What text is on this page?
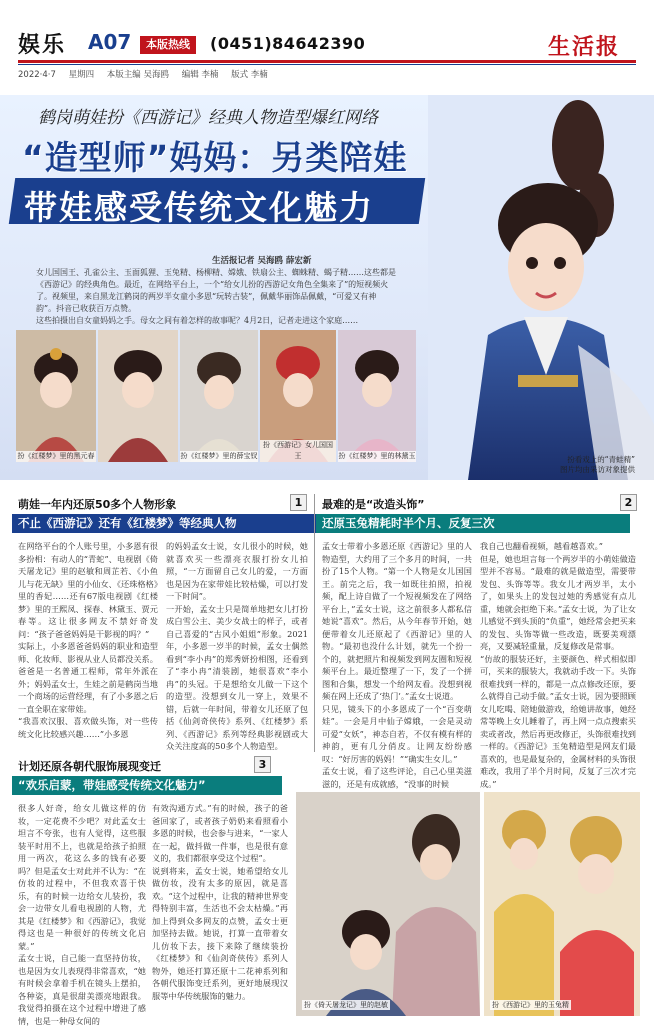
娱乐 A07	本版热线	(0451)84642390	生活报
2022·4·7 星期四 本版主编 吴海鸥 编辑 李楠 版式 李楠
鹤岗萌娃扮《西游记》经典人物造型爆红网络
“造型师”妈妈：另类陪娃
带娃感受传统文化魅力
生活报记者 吴海鸥 薛宏新
女儿国国王、孔雀公主、玉面狐狸、玉兔精、杨柳精、嫦娥、铁扇公主、蜘蛛精、蝎子精……这些都是《西游记》的经典角色。最近，在网络平台上，一个“给女儿扮的西游记女角色全集来了”的短视频火了。视频里，来自黑龙江鹤岗的两岁半女童小多恩“玩转古装”，佩戴华丽饰品佩戴，“可爱又有神韵”。抖音已收获百万点赞。
这些拍摄出自女童妈妈之手。母女之间有着怎样的故事呢？4月2日，记者走进这个家庭……
扮看戏上的“青蛙精”
图片均由采访对象提供
扮《红楼梦》里的黑元春	扮《红楼梦》里的薛宝钗
扮《西游记》女儿国国王	扮《红楼梦》里的林黛玉
萌娃一年内还原50多个人物形象	1
不止《西游记》还有《红楼梦》等经典人物
在网络平台的个人账号里，小多恩有很多扮相：有动人的“青蛇”、电视剧《倚天屠龙记》里的赵敏和周芷若、《小鱼儿与花无缺》里的小仙女、《还珠格格》里的香妃……还有67版电视剧《红楼梦》里的王熙凤、探春、林黛玉、贾元春等。这让很多网友不禁好奇发问：“孩子爸爸妈妈是干影视的吗？”
实际上，小多恩爸爸妈妈的职业和造型师、化妆师、影视从业人员都没关系。爸爸是一名普通工程师，常年外派在外；妈妈孟女士，生娃之前是鹤岗当地一个商场的运营经理，有了小多恩之后一直全职在家带娃。
“我喜欢汉服、喜欢做头饰，对一些传统文化比较感兴趣……”小多恩
的妈妈孟女士说，女儿很小的时候，她就喜欢买一些漂亮衣服打扮女儿拍照，“一方面留自己女儿的爱，一方面也是因为在家带娃比较枯燥，可以打发一下时间”。
一开始，孟女士只是简单地把女儿打扮成白雪公主、美少女战士的样子，或者自己喜爱的“古风小姐姐”形象。2021年，小多恩一岁半的时候，孟女士偶然看到“李小冉”的郑秀妍扮相图，还看到了“李小冉”清装剧，她很喜欢“李小冉”的头冠。于是想给女儿做一下这个的造型。没想到女儿一穿上，效果不错，后就一年时间，带着女儿还原了包括《仙剑奇侠传》系列、《红楼梦》系列、《西游记》系列等经典影视剧或大众关注度高的50多个人物造型。
最难的是“改造头饰”	2
还原玉兔精耗时半个月、反复三次
孟女士带着小多恩还原《西游记》里的人物造型，大约用了三个多月的时间，一共扮了15个人物。“第一个人物是女儿国国王。前完之后，我一如既往拍照，拍视频，配上诗自做了一个短视频发在了网络平台上，”孟女士说，这之前很多人都私信她说“喜欢”。然后，从今年春节开始，她便带着女儿还原起了《西游记》里的人物。“最初也没什么计划，就先一个扮一个的，就把照片和视频发到网友圈和短视频平台上。最近整理了一下，发了一个拼图和合集，想发一个给网友看。没想到视频在网上还成了‘热门’。”孟女士说道。
只见，镜头下的小多恩成了一个“百变萌娃”。一会是月中仙子嫦娥，一会是灵动可爱“女妖”，神态自若，不仅有模有样的神韵，更有几分俏皮。让网友纷纷感叹：“好厉害的妈妈！”“确实生女儿。”
孟女士说，看了这些评论，自己心里美滋滋的，还是有成就感，“没事的时候
我自己也翻看视频，越看越喜欢。”
但是，她也坦言每一个两岁半的小萌娃做造型并不容易。“最难的就是做造型，需要带发包、头饰等等。我女儿才两岁半，太小了，如果头上的发包过她的秀感觉有点儿重，她就会拒绝下来。”孟女士说，为了让女儿感觉不到头顶的“负重”，她经常会把买来的发包、头饰等做一些改造，既要美观漂亮，又要减轻重量，反复修改是常事。
“仿故的服装还好，主要颜色、样式相似即可，买来的服装大，我就动手改一下。头饰很难找到一样的，都是一点点修改还原，要么就得自己动手做。”孟女士说，因为要照顾女儿吃喝、陪她做游戏，给她讲故事，她经常等晚上女儿睡着了，再上网一点点搜索买卖或者改，然后再更改修正，头饰很难找到一样的。《西游记》玉兔精造型是网友们最喜欢的，也是最复杂的，金属材料的头饰很难改，我用了半个月时间，反复了三次才完成。”
计划还原各朝代服饰展现变迁	3
“欢乐启蒙，带娃感受传统文化魅力”
很多人好奇，给女儿做这样的仿妆，一定花费不少吧？对此孟女士坦言不夸张，也有人觉得，这些服装平时用不上，也就是给孩子拍照用一两次，花这么多的钱有必要吗？但是孟女士对此并不认为：“在仿妆的过程中，不但我欢喜于快乐，有的时候一边给女儿装扮，我会一边带女儿看电视剧的人物，尤其是《红楼梦》和《西游记》，我觉得这也是一种很好的传统文化启蒙。”
孟女士说，自己能一直坚持仿妆，也是因为女儿表现得非常喜欢，“她有时候会拿着手机在镜头上摆拍，各种姿，真是很甜美漂亮地跟我。我觉得拍摄在这个过程中增进了感情，也是一种母女间的
有效沟通方式。”有的时候，孩子的爸爸回家了，或者孩子奶奶来看照看小多恩的时候，也会参与进来，“一家人在一起，做抖做一件事，也是很有意义的，我们都很享受这个过程”。
说到将来，孟女士说，她希望给女儿做仿妆，没有太多的原因，就是喜欢。“这个过程中，让我的精神世界变得特别丰富，生活也不会太枯燥。”再加上得到众多网友的点赞，孟女士更加坚持去做。她说，打算一直带着女儿仿妆下去，接下来除了继续装扮《红楼梦》和《仙剑奇侠传》系列人物外，她还打算还原十二花神系列和各朝代服饰变迁系列，更好地展现汉服等中华传统服饰的魅力。
扮《倚天屠龙记》里的赵敏	扮《西游记》里的玉兔精
